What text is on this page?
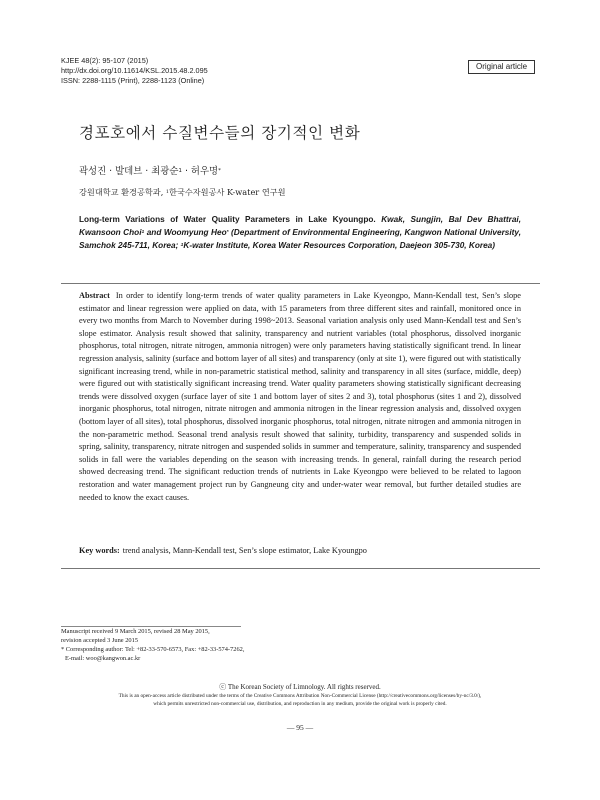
KJEE 48(2): 95-107 (2015)
http://dx.doi.org/10.11614/KSL.2015.48.2.095
ISSN: 2288-1115 (Print), 2288-1123 (Online)
Original article
경포호에서 수질변수들의 장기적인 변화
곽성진 · 발데브 · 최광순$^1$ · 허우명*
강원대학교 환경공학과, $^1$한국수자원공사 K-water 연구원
Long-term Variations of Water Quality Parameters in Lake Kyoungpo. Kwak, Sungjin, Bal Dev Bhattrai, Kwansoon Choi$^1$ and Woomyung Heo* (Department of Environmental Engineering, Kangwon National University, Samchok 245-711, Korea; $^1$K-water Institute, Korea Water Resources Corporation, Daejeon 305-730, Korea)
Abstract In order to identify long-term trends of water quality parameters in Lake Kyeongpo, Mann-Kendall test, Sen’s slope estimator and linear regression were applied on data, with 15 parameters from three different sites and rainfall, monitored once in every two months from March to November during 1998~2013. Seasonal variation analysis only used Mann-Kendall test and Sen’s slope estimator. Analysis result showed that salinity, transparency and nutrient variables (total phosphorus, dissolved inorganic phosphorus, total nitrogen, nitrate nitrogen, ammonia nitrogen) were only parameters having statistically significant trend. In linear regression analysis, salinity (surface and bottom layer of all sites) and transparency (only at site 1), were figured out with statistically significant increasing trend, while in non-parametric statistical method, salinity and transparency in all sites (surface, middle, deep) were figured out with statistically significant increasing trend. Water quality parameters showing statistically significant decreasing trends were dissolved oxygen (surface layer of site 1 and bottom layer of sites 2 and 3), total phosphorus (sites 1 and 2), dissolved inorganic phosphorus, total nitrogen, nitrate nitrogen and ammonia nitrogen in the linear regression analysis and, dissolved oxygen (bottom layer of all sites), total phosphorus, dissolved inorganic phosphorus, total nitrogen, nitrate nitrogen and ammonia nitrogen in the non-parametric method. Seasonal trend analysis result showed that salinity, turbidity, transparency and suspended solids in spring, salinity, transparency, nitrate nitrogen and suspended solids in summer and temperature, salinity, transparency and suspended solids in fall were the variables depending on the season with increasing trends. In general, rainfall during the research period showed decreasing trend. The significant reduction trends of nutrients in Lake Kyeongpo were believed to be related to lagoon restoration and water management project run by Gangneung city and under-water wear removal, but further detailed studies are needed to know the exact causes.
Key words: trend analysis, Mann-Kendall test, Sen’s slope estimator, Lake Kyoungpo
Manuscript received 9 March 2015, revised 28 May 2015,
revision accepted 3 June 2015
* Corresponding author: Tel: +82-33-570-6573, Fax: +82-33-574-7262,
E-mail: woo@kangwon.ac.kr
ⓒ The Korean Society of Limnology. All rights reserved.
This is an open-access article distributed under the terms of the Creative Commons Attribution Non-Commercial License (http://creativecommons.org/licenses/by-nc/3.0/),
which permits unrestricted non-commercial use, distribution, and reproduction in any medium, provide the original work is properly cited.
— 95 —
